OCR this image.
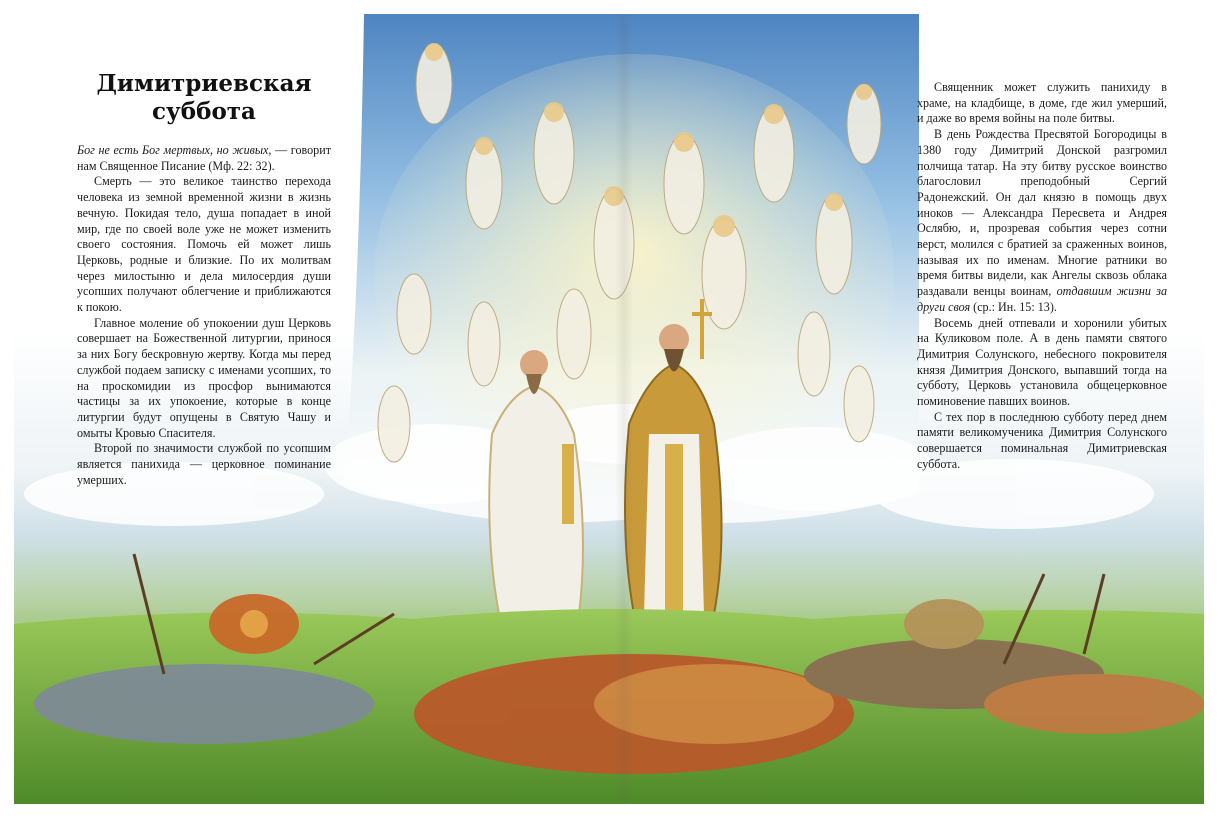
Димитриевская суббота

Бог не есть Бог мертвых, но живых, — говорит нам Священное Писание (Мф. 22: 32).

Смерть — это великое таинство перехода человека из земной временной жизни в жизнь вечную. Покидая тело, душа попадает в иной мир, где по своей воле уже не может изменить своего состояния. Помочь ей может лишь Церковь, родные и близкие. По их молитвам через милостыню и дела милосердия души усопших получают облегчение и приближаются к покою.

Главное моление об упокоении душ Церковь совершает на Божественной литургии, принося за них Богу бескровную жертву. Когда мы перед службой подаем записку с именами усопших, то на проскомидии из просфор вынимаются частицы за их упокоение, которые в конце литургии будут опущены в Святую Чашу и омыты Кровью Спасителя.

Второй по значимости службой по усопшим является панихида — церковное поминание умерших.

Священник может служить панихиду в храме, на кладбище, в доме, где жил умерший, и даже во время войны на поле битвы.

В день Рождества Пресвятой Богородицы в 1380 году Димитрий Донской разгромил полчища татар. На эту битву русское воинство благословил преподобный Сергий Радонежский. Он дал князю в помощь двух иноков — Александра Пересвета и Андрея Ослябю, и, прозревая события через сотни верст, молился с братией за сраженных воинов, называя их по именам. Многие ратники во время битвы видели, как Ангелы сквозь облака раздавали венцы воинам, отдавшим жизни за други своя (ср.: Ин. 15: 13).

Восемь дней отпевали и хоронили убитых на Куликовом поле. А в день памяти святого Димитрия Солунского, небесного покровителя князя Димитрия Донского, выпавший тогда на субботу, Церковь установила общецерковное поминовение павших воинов.

С тех пор в последнюю субботу перед днем памяти великомученика Димитрия Солунского совершается поминальная Димитриевская суббота.
